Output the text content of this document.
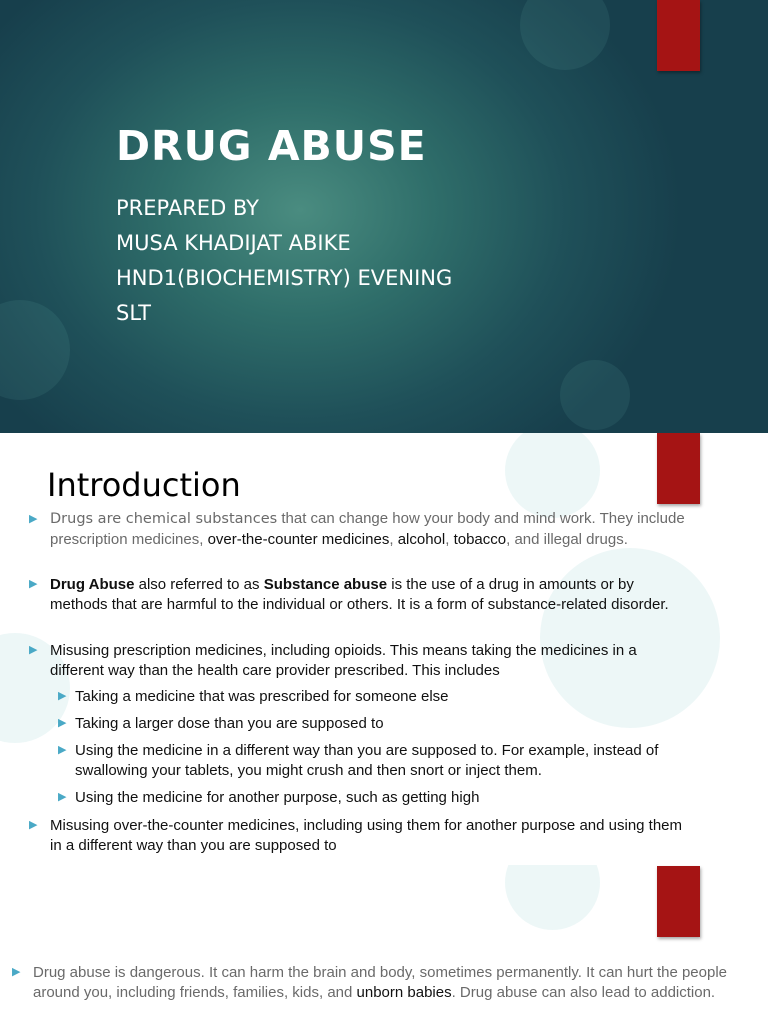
DRUG ABUSE
PREPARED BY
MUSA KHADIJAT ABIKE
HND1(BIOCHEMISTRY) EVENING
SLT
Introduction
▶ Drugs are chemical substances that can change how your body and mind work. They include prescription medicines, over-the-counter medicines, alcohol, tobacco, and illegal drugs.
▶ Drug Abuse also referred to as Substance abuse is the use of a drug in amounts or by methods that are harmful to the individual or others. It is a form of substance-related disorder.
▶ Misusing prescription medicines, including opioids. This means taking the medicines in a different way than the health care provider prescribed. This includes
▶ Taking a medicine that was prescribed for someone else
▶ Taking a larger dose than you are supposed to
▶ Using the medicine in a different way than you are supposed to. For example, instead of swallowing your tablets, you might crush and then snort or inject them.
▶ Using the medicine for another purpose, such as getting high
▶ Misusing over-the-counter medicines, including using them for another purpose and using them in a different way than you are supposed to
▶ Drug abuse is dangerous. It can harm the brain and body, sometimes permanently. It can hurt the people around you, including friends, families, kids, and unborn babies. Drug abuse can also lead to addiction.
